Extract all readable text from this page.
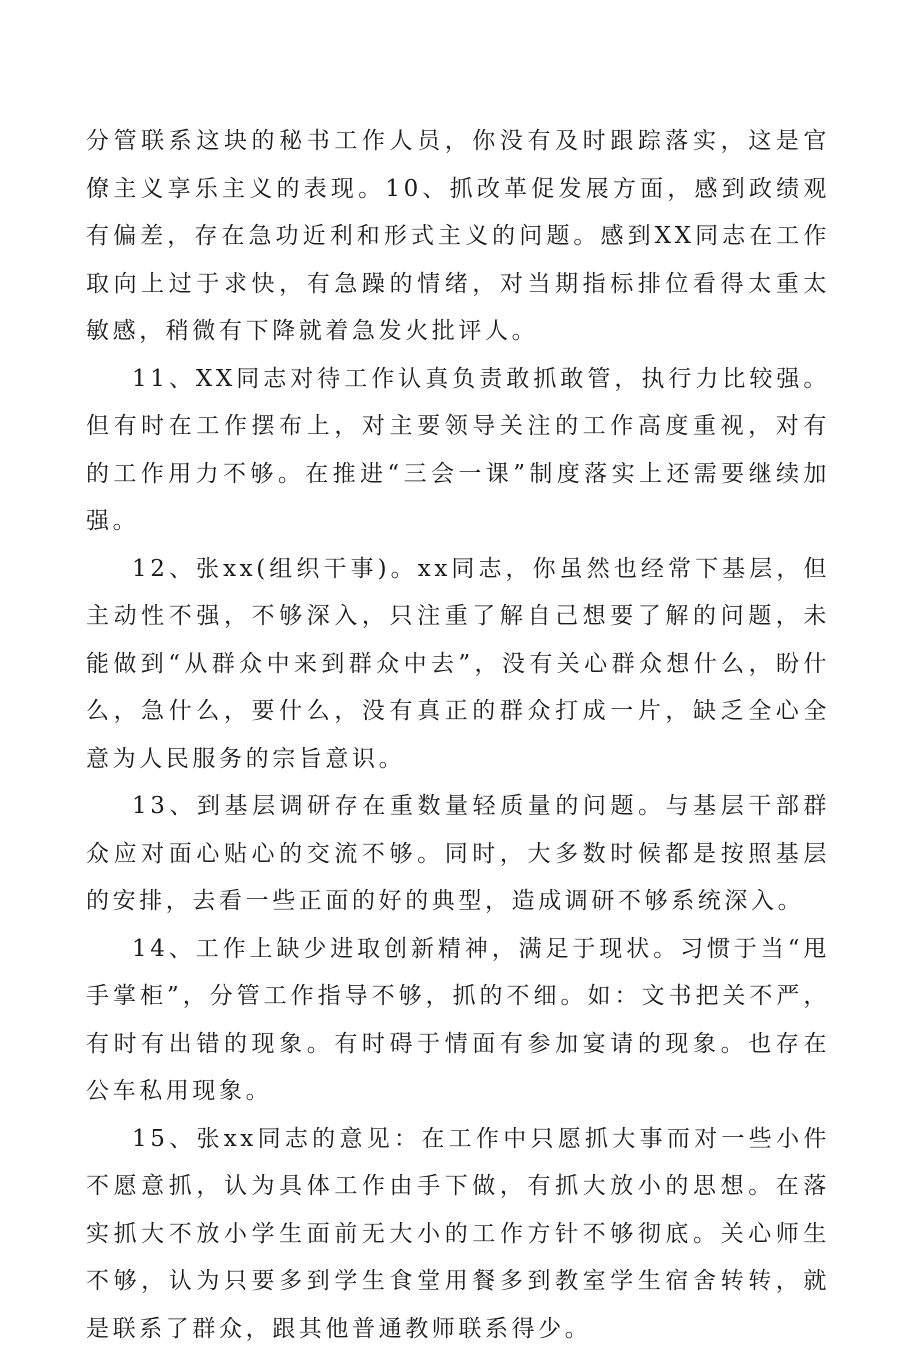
分管联系这块的秘书工作人员，你没有及时跟踪落实，这是官僚主义享乐主义的表现。10、抓改革促发展方面，感到政绩观有偏差，存在急功近利和形式主义的问题。感到XX同志在工作取向上过于求快，有急躁的情绪，对当期指标排位看得太重太敏感，稍微有下降就着急发火批评人。

11、XX同志对待工作认真负责敢抓敢管，执行力比较强。但有时在工作摆布上，对主要领导关注的工作高度重视，对有的工作用力不够。在推进“三会一课”制度落实上还需要继续加强。

12、张xx(组织干事)。xx同志，你虽然也经常下基层，但主动性不强，不够深入，只注重了解自己想要了解的问题，未能做到“从群众中来到群众中去”，没有关心群众想什么，盼什么，急什么，要什么，没有真正的群众打成一片，缺乏全心全意为人民服务的宗旨意识。

13、到基层调研存在重数量轻质量的问题。与基层干部群众应对面心贴心的交流不够。同时，大多数时候都是按照基层的安排，去看一些正面的好的典型，造成调研不够系统深入。

14、工作上缺少进取创新精神，满足于现状。习惯于当“甩手掌柜”，分管工作指导不够，抓的不细。如：文书把关不严，有时有出错的现象。有时碍于情面有参加宴请的现象。也存在公车私用现象。

15、张xx同志的意见：在工作中只愿抓大事而对一些小件不愿意抓，认为具体工作由手下做，有抓大放小的思想。在落实抓大不放小学生面前无大小的工作方针不够彻底。关心师生不够，认为只要多到学生食堂用餐多到教室学生宿舍转转，就是联系了群众，跟其他普通教师联系得少。
